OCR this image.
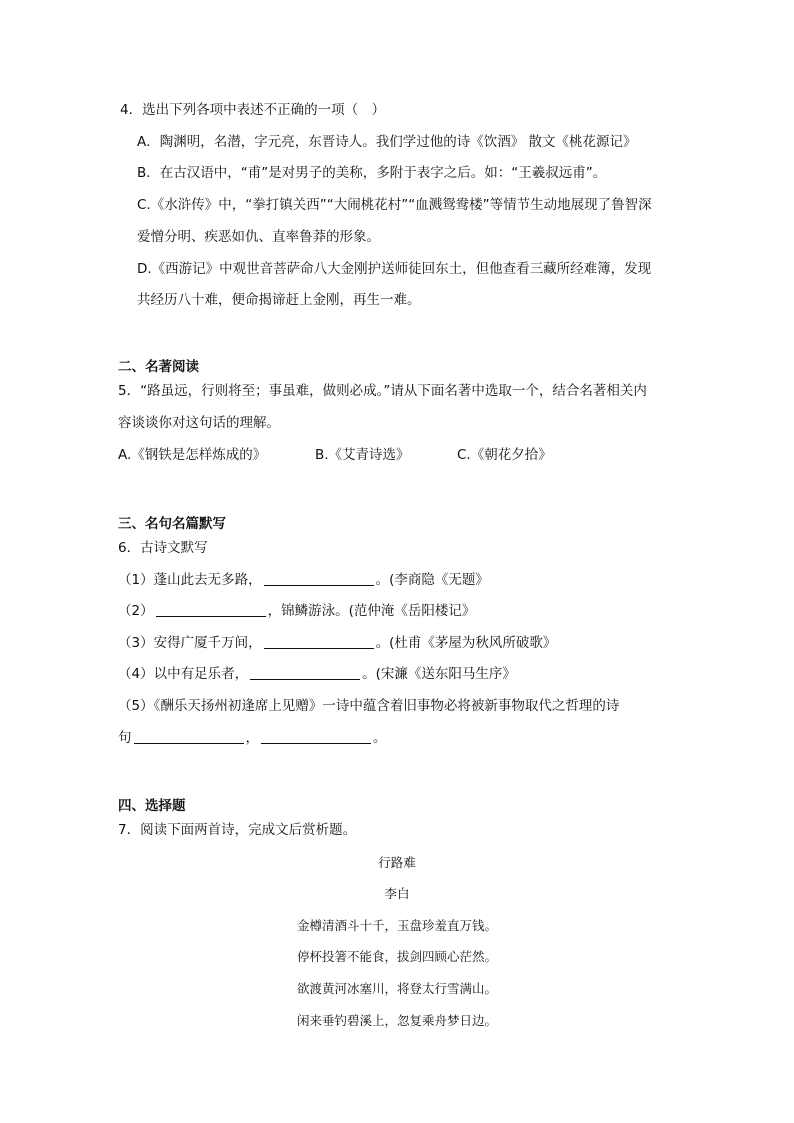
4．选出下列各项中表述不正确的一项（　）
A．陶渊明，名潜，字元亮，东晋诗人。我们学过他的诗《饮酒》 散文《桃花源记》
B．在古汉语中，“甫”是对男子的美称，多附于表字之后。如：“王羲叔远甫”。
C.《水浒传》中，“拳打镇关西”“大闹桃花村”“血溅鸳鸯楼”等情节生动地展现了鲁智深
爱憎分明、疾恶如仇、直率鲁莽的形象。
D.《西游记》中观世音菩萨命八大金刚护送师徒回东土，但他查看三藏所经难簿，发现
共经历八十难，便命揭谛赶上金刚，再生一难。
二、名著阅读
5．“路虽远，行则将至；事虽难，做则必成。”请从下面名著中选取一个，结合名著相关内
容谈谈你对这句话的理解。
A.《钢铁是怎样炼成的》	B.《艾青诗选》	C.《朝花夕拾》
三、名句名篇默写
6．古诗文默写
（1）蓬山此去无多路，	。(李商隐《无题》
（2）	，锦鳞游泳。(范仲淹《岳阳楼记》
（3）安得广厦千万间，	。(杜甫《茅屋为秋风所破歌》
（4）以中有足乐者，	。(宋濂《送东阳马生序》
（5）《酬乐天扬州初逢席上见赠》一诗中蕴含着旧事物必将被新事物取代之哲理的诗
句	，	。
四、选择题
7．阅读下面两首诗，完成文后赏析题。
行路难
李白
金樽清酒斗十千，玉盘珍羞直万钱。
停杯投箸不能食，拔剑四顾心茫然。
欲渡黄河冰塞川，将登太行雪满山。
闲来垂钓碧溪上，忽复乘舟梦日边。
